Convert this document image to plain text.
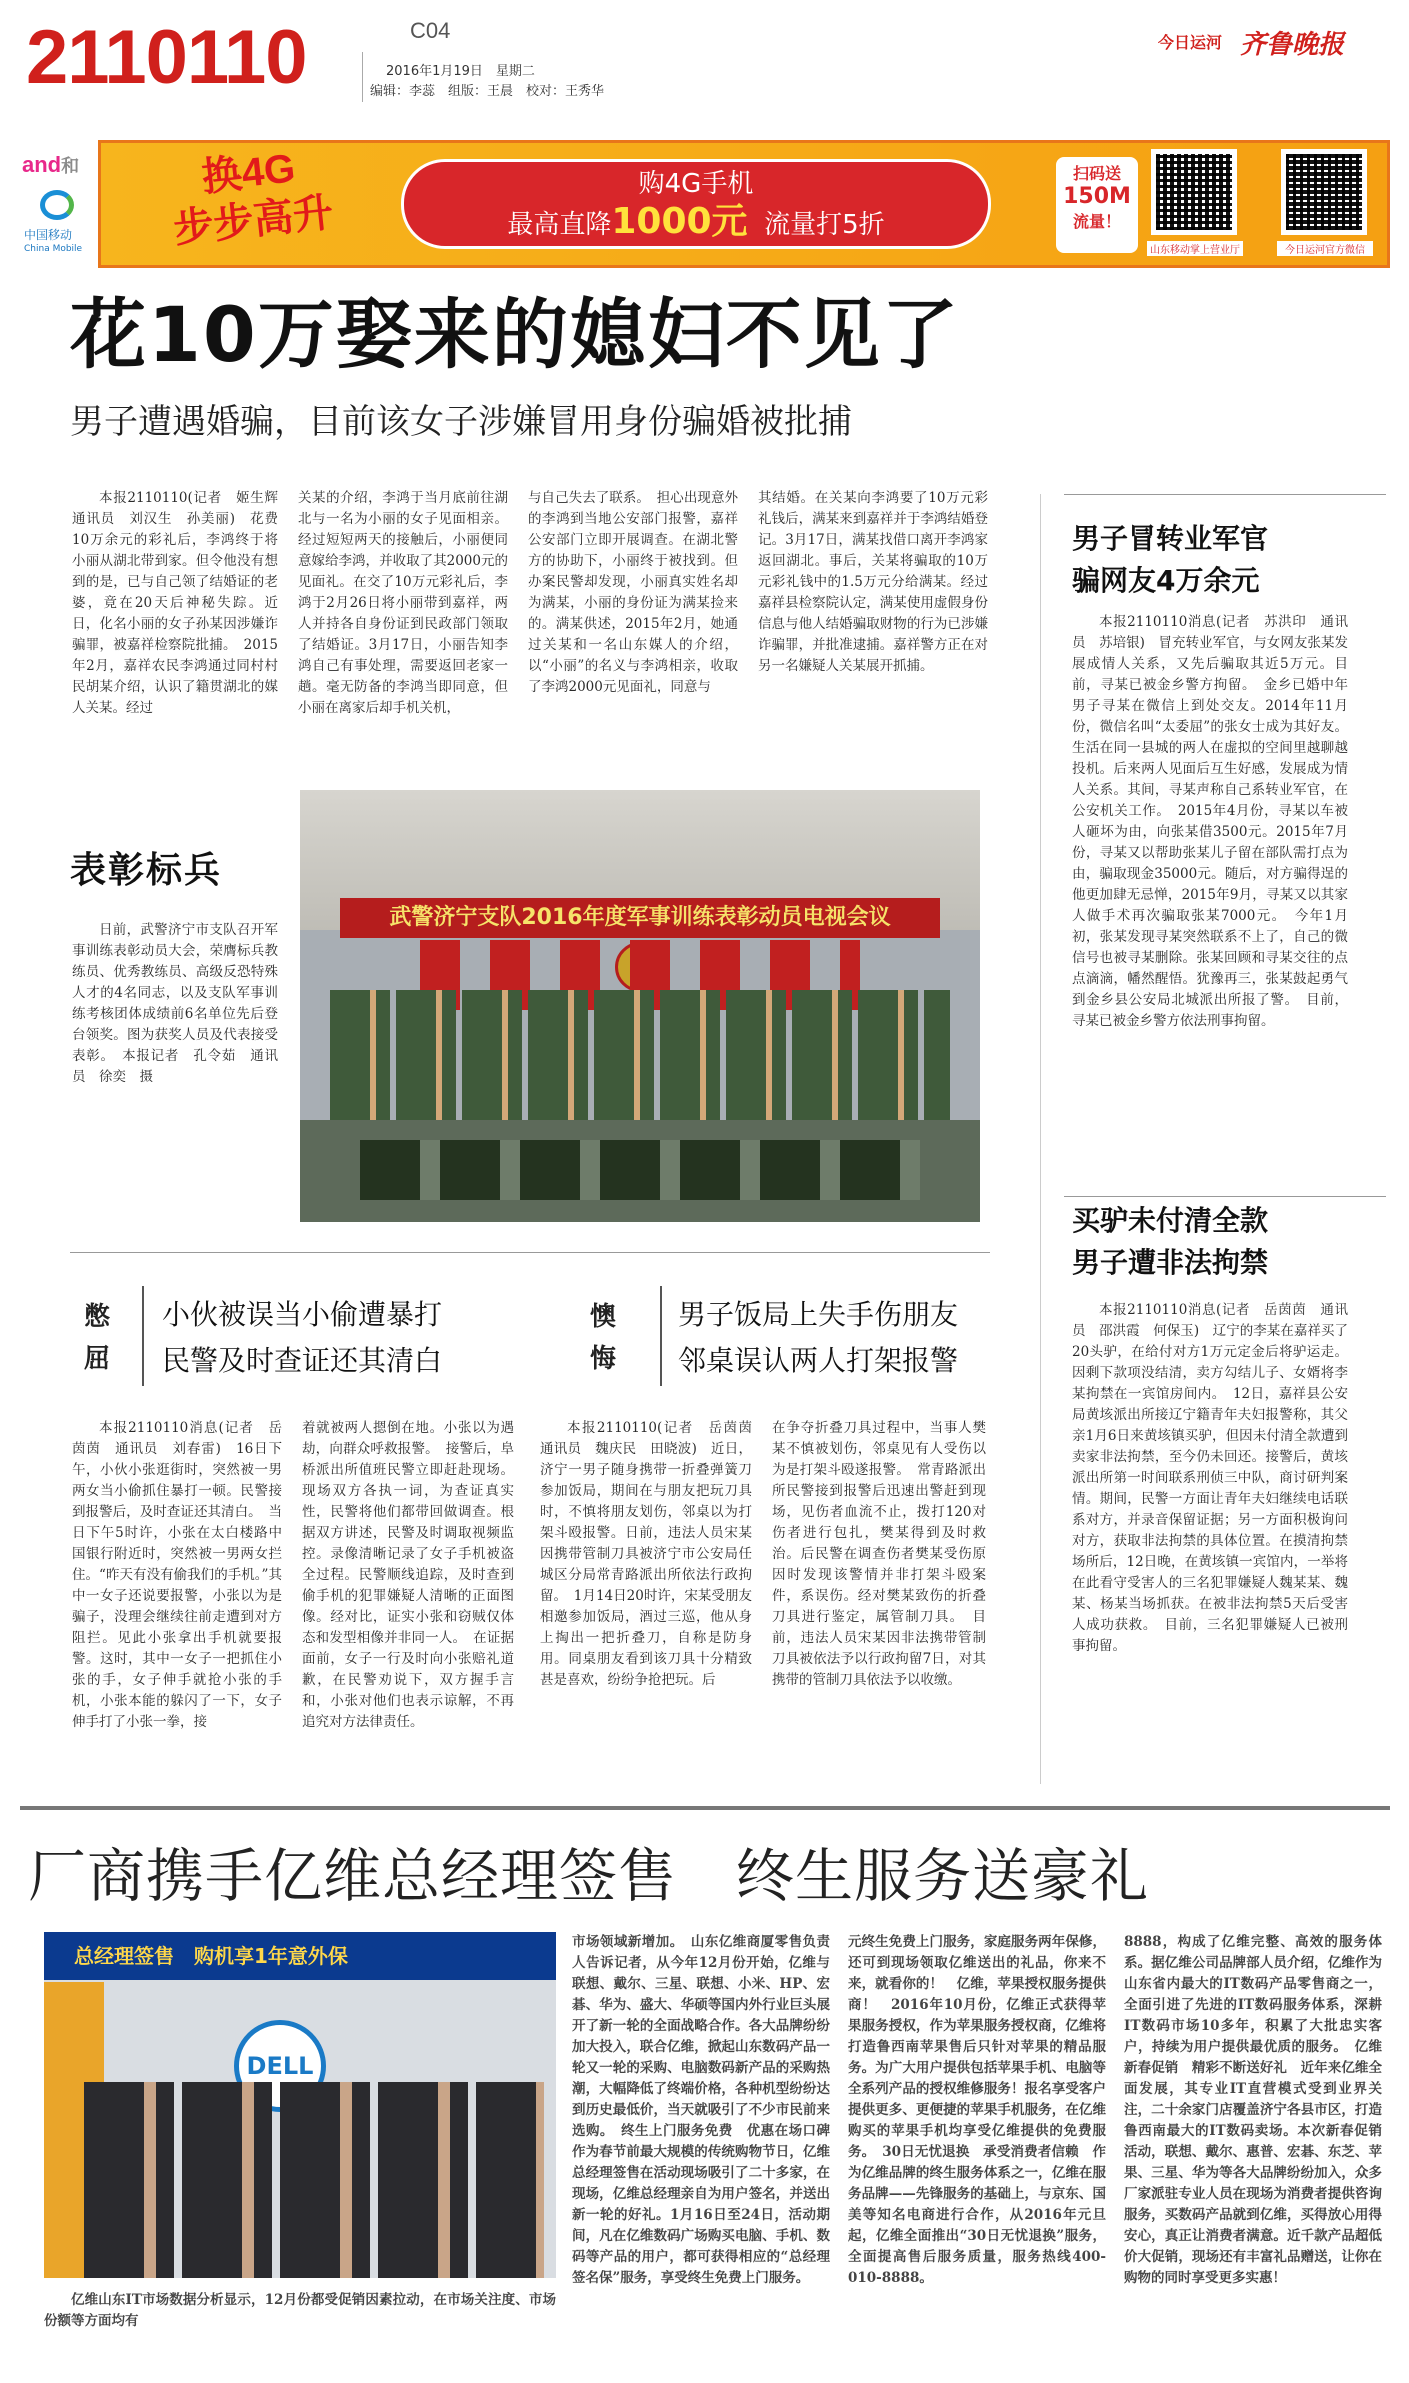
2110110	C04
2016年1月19日　星期二
编辑：李蕊　组版：王晨　校对：王秀华
今日运河 齐鲁晚报
and和
中国移动
China Mobile
换4G
步步高升
购4G手机
最高直降1000元 流量打5折
扫码送
150M
流量！
山东移动掌上营业厅	今日运河官方微信
花10万娶来的媳妇不见了
男子遭遇婚骗，目前该女子涉嫌冒用身份骗婚被批捕

本报2110110(记者　姬生辉　通讯员　刘汉生　孙美丽)　花费10万余元的彩礼后，李鸿终于将小丽从湖北带到家。但令他没有想到的是，已与自己领了结婚证的老婆，竟在20天后神秘失踪。近日，化名小丽的女子孙某因涉嫌诈骗罪，被嘉祥检察院批捕。　2015年2月，嘉祥农民李鸿通过同村村民胡某介绍，认识了籍贯湖北的媒人关某。经过

关某的介绍，李鸿于当月底前往湖北与一名为小丽的女子见面相亲。经过短短两天的接触后，小丽便同意嫁给李鸿，并收取了其2000元的见面礼。在交了10万元彩礼后，李鸿于2月26日将小丽带到嘉祥，两人并持各自身份证到民政部门领取了结婚证。3月17日，小丽告知李鸿自己有事处理，需要返回老家一趟。毫无防备的李鸿当即同意，但小丽在离家后却手机关机，

与自己失去了联系。　担心出现意外的李鸿到当地公安部门报警，嘉祥公安部门立即开展调查。在湖北警方的协助下，小丽终于被找到。但办案民警却发现，小丽真实姓名却为满某，小丽的身份证为满某捡来的。满某供述，2015年2月，她通过关某和一名山东媒人的介绍，以“小丽”的名义与李鸿相亲，收取了李鸿2000元见面礼，同意与

其结婚。在关某向李鸿要了10万元彩礼钱后，满某来到嘉祥并于李鸿结婚登记。3月17日，满某找借口离开李鸿家返回湖北。事后，关某将骗取的10万元彩礼钱中的1.5万元分给满某。经过嘉祥县检察院认定，满某使用虚假身份信息与他人结婚骗取财物的行为已涉嫌诈骗罪，并批准逮捕。嘉祥警方正在对另一名嫌疑人关某展开抓捕。

男子冒转业军官
骗网友4万余元

本报2110110消息(记者　苏洪印　通讯员　苏培银)　冒充转业军官，与女网友张某发展成情人关系，又先后骗取其近5万元。目前，寻某已被金乡警方拘留。　金乡已婚中年男子寻某在微信上到处交友。2014年11月份，微信名叫“太委屈”的张女士成为其好友。生活在同一县城的两人在虚拟的空间里越聊越投机。后来两人见面后互生好感，发展成为情人关系。其间，寻某声称自己系转业军官，在公安机关工作。　2015年4月份，寻某以车被人砸坏为由，向张某借3500元。2015年7月份，寻某又以帮助张某儿子留在部队需打点为由，骗取现金35000元。随后，对方骗得逞的他更加肆无忌惮，2015年9月，寻某又以其家人做手术再次骗取张某7000元。　今年1月初，张某发现寻某突然联系不上了，自己的微信号也被寻某删除。张某回顾和寻某交往的点点滴滴，幡然醒悟。犹豫再三，张某鼓起勇气到金乡县公安局北城派出所报了警。　目前，寻某已被金乡警方依法刑事拘留。

买驴未付清全款
男子遭非法拘禁

本报2110110消息(记者　岳茵茵　通讯员　邵洪霞　何保玉)　辽宁的李某在嘉祥买了20头驴，在给付对方1万元定金后将驴运走。因剩下款项没结清，卖方勾结儿子、女婿将李某拘禁在一宾馆房间内。　12日，嘉祥县公安局黄垓派出所接辽宁籍青年夫妇报警称，其父亲1月6日来黄垓镇买驴，但因未付清全款遭到卖家非法拘禁，至今仍未回还。接警后，黄垓派出所第一时间联系刑侦三中队，商讨研判案情。期间，民警一方面让青年夫妇继续电话联系对方，并录音保留证据；另一方面积极询问对方，获取非法拘禁的具体位置。在摸清拘禁场所后，12日晚，在黄垓镇一宾馆内，一举将在此看守受害人的三名犯罪嫌疑人魏某某、魏某、杨某当场抓获。在被非法拘禁5天后受害人成功获救。　目前，三名犯罪嫌疑人已被刑事拘留。

表彰标兵

日前，武警济宁市支队召开军事训练表彰动员大会，荣膺标兵教练员、优秀教练员、高级反恐特殊人才的4名同志，以及支队军事训练考核团体成绩前6名单位先后登台领奖。图为获奖人员及代表接受表彰。　本报记者　孔令茹　通讯员　徐奕　摄

武警济宁支队2016年度军事训练表彰动员电视会议
憋屈
小伙被误当小偷遭暴打
民警及时查证还其清白

本报2110110消息(记者　岳茵茵　通讯员　刘春雷)　16日下午，小伙小张逛街时，突然被一男两女当小偷抓住暴打一顿。民警接到报警后，及时查证还其清白。　当日下午5时许，小张在太白楼路中国银行附近时，突然被一男两女拦住。“昨天有没有偷我们的手机。”其中一女子还说要报警，小张以为是骗子，没理会继续往前走遭到对方阻拦。见此小张拿出手机就要报警。这时，其中一女子一把抓住小张的手，女子伸手就抢小张的手机，小张本能的躲闪了一下，女子伸手打了小张一拳，接

着就被两人摁倒在地。小张以为遇劫，向群众呼救报警。　接警后，阜桥派出所值班民警立即赶赴现场。现场双方各执一词，为查证真实性，民警将他们都带回做调查。根据双方讲述，民警及时调取视频监控。录像清晰记录了女子手机被盗全过程。民警顺线追踪，及时查到偷手机的犯罪嫌疑人清晰的正面图像。经对比，证实小张和窃贼仅体态和发型相像并非同一人。　在证据面前，女子一行及时向小张赔礼道歉，在民警劝说下，双方握手言和，小张对他们也表示谅解，不再追究对方法律责任。

懊悔
男子饭局上失手伤朋友
邻桌误认两人打架报警

本报2110110(记者　岳茵茵　通讯员　魏庆民　田晓波)　近日，济宁一男子随身携带一折叠弹簧刀参加饭局，期间在与朋友把玩刀具时，不慎将朋友划伤，邻桌以为打架斗殴报警。日前，违法人员宋某因携带管制刀具被济宁市公安局任城区分局常青路派出所依法行政拘留。　1月14日20时许，宋某受朋友相邀参加饭局，酒过三巡，他从身上掏出一把折叠刀，自称是防身用。同桌朋友看到该刀具十分精致甚是喜欢，纷纷争抢把玩。后

在争夺折叠刀具过程中，当事人樊某不慎被划伤，邻桌见有人受伤以为是打架斗殴遂报警。　常青路派出所民警接到报警后迅速出警赶到现场，见伤者血流不止，拨打120对伤者进行包扎，樊某得到及时救治。后民警在调查伤者樊某受伤原因时发现该警情并非打架斗殴案件，系误伤。经对樊某致伤的折叠刀具进行鉴定，属管制刀具。　目前，违法人员宋某因非法携带管制刀具被依法予以行政拘留7日，对其携带的管制刀具依法予以收缴。

厂商携手亿维总经理签售　终生服务送豪礼
总经理签售　购机享1年意外保
DELL

亿维山东IT市场数据分析显示，12月份都受促销因素拉动，在市场关注度、市场份额等方面均有

市场领域新增加。　山东亿维商厦零售负责人告诉记者，从今年12月份开始，亿维与联想、戴尔、三星、联想、小米、HP、宏碁、华为、盛大、华硕等国内外行业巨头展开了新一轮的全面战略合作。各大品牌纷纷加大投入，联合亿维，掀起山东数码产品一轮又一轮的采购、电脑数码新产品的采购热潮，大幅降低了终端价格，各种机型纷纷达到历史最低价，当天就吸引了不少市民前来选购。　终生上门服务免费　优惠在场口碑　作为春节前最大规模的传统购物节日，亿维总经理签售在活动现场吸引了二十多家，在现场，亿维总经理亲自为用户签名，并送出新一轮的好礼。1月16日至24日，活动期间，凡在亿维数码广场购买电脑、手机、数码等产品的用户，都可获得相应的“总经理签名保”服务，享受终生免费上门服务。

元终生免费上门服务，家庭服务两年保修，还可到现场领取亿维送出的礼品，你来不来，就看你的！　亿维，苹果授权服务提供商！　2016年10月份，亿维正式获得苹果服务授权，作为苹果服务授权商，亿维将打造鲁西南苹果售后只针对苹果的精品服务。为广大用户提供包括苹果手机、电脑等全系列产品的授权维修服务！报名享受客户提供更多、更便捷的苹果手机服务，在亿维购买的苹果手机均享受亿维提供的免费服务。　30日无忧退换　承受消费者信赖　作为亿维品牌的终生服务体系之一，亿维在服务品牌——先锋服务的基础上，与京东、国美等知名电商进行合作，从2016年元旦起，亿维全面推出“30日无忧退换”服务，全面提高售后服务质量，服务热线400-010-8888。

8888，构成了亿维完整、高效的服务体系。据亿维公司品牌部人员介绍，亿维作为山东省内最大的IT数码产品零售商之一，全面引进了先进的IT数码服务体系，深耕IT数码市场10多年，积累了大批忠实客户，持续为用户提供最优质的服务。　亿维新春促销　精彩不断送好礼　近年来亿维全面发展，其专业IT直营模式受到业界关注，二十余家门店覆盖济宁各县市区，打造鲁西南最大的IT数码卖场。本次新春促销活动，联想、戴尔、惠普、宏碁、东芝、苹果、三星、华为等各大品牌纷纷加入，众多厂家派驻专业人员在现场为消费者提供咨询服务，买数码产品就到亿维，买得放心用得安心，真正让消费者满意。近千款产品超低价大促销，现场还有丰富礼品赠送，让你在购物的同时享受更多实惠！
